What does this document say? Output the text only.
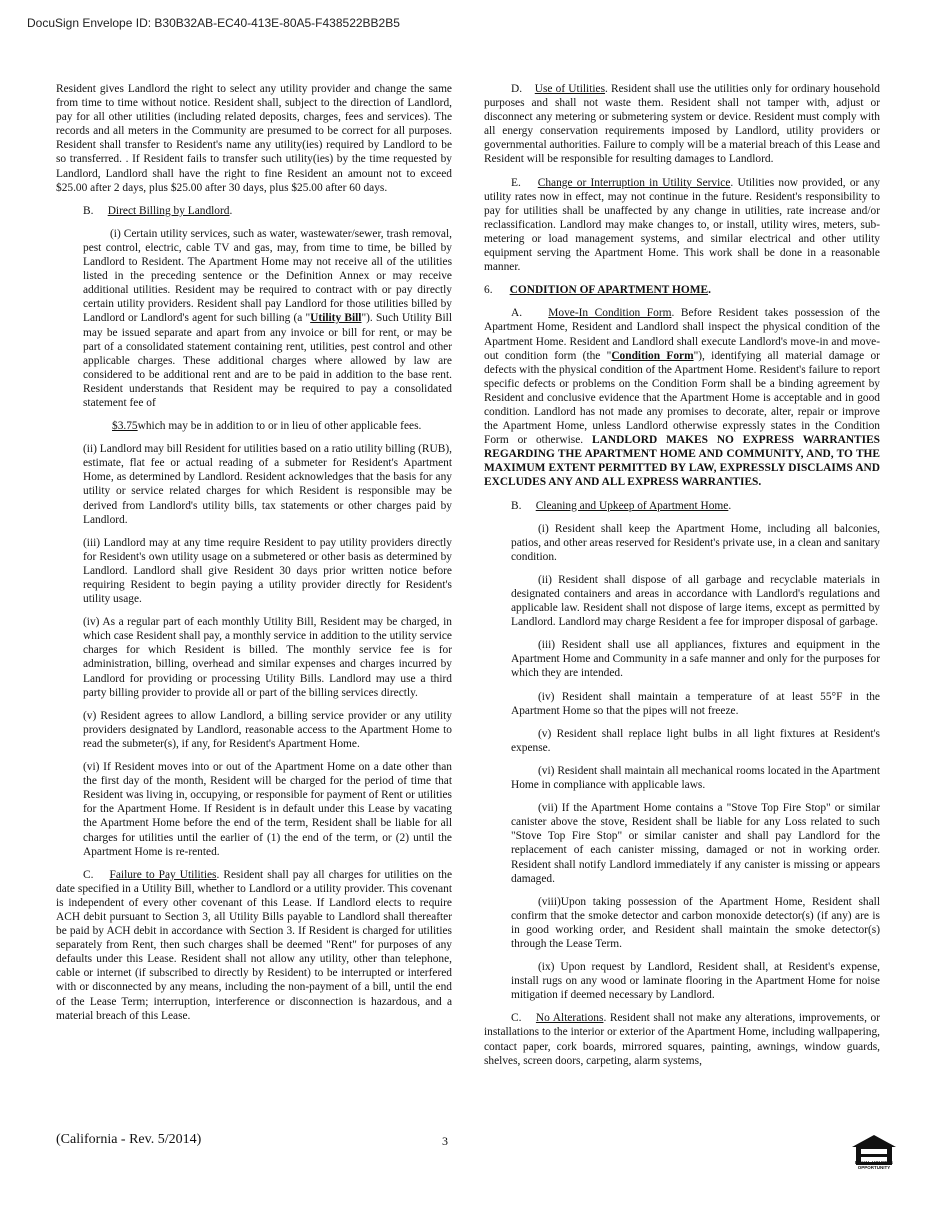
DocuSign Envelope ID: B30B32AB-EC40-413E-80A5-F438522BB2B5

Resident gives Landlord the right to select any utility provider and change the same from time to time without notice. Resident shall, subject to the direction of Landlord, pay for all other utilities (including related deposits, charges, fees and services). The records and all meters in the Community are presumed to be correct for all purposes. Resident shall transfer to Resident's name any utility(ies) required by Landlord to be so transferred. . If Resident fails to transfer such utility(ies) by the time requested by Landlord, Landlord shall have the right to fine Resident an amount not to exceed $25.00 after 2 days, plus $25.00 after 30 days, plus $25.00 after 60 days.

B. Direct Billing by Landlord.

(i) Certain utility services, such as water, wastewater/sewer, trash removal, pest control, electric, cable TV and gas, may, from time to time, be billed by Landlord to Resident. The Apartment Home may not receive all of the utilities listed in the preceding sentence or the Definition Annex or may receive additional utilities. Resident may be required to contract with or pay directly certain utility providers. Resident shall pay Landlord for those utilities billed by Landlord or Landlord's agent for such billing (a "Utility Bill"). Such Utility Bill may be issued separate and apart from any invoice or bill for rent, or may be part of a consolidated statement containing rent, utilities, pest control and other applicable charges. These additional charges where allowed by law are considered to be additional rent and are to be paid in addition to the base rent. Resident understands that Resident may be required to pay a consolidated statement fee of

$3.75which may be in addition to or in lieu of other applicable fees.

(ii) Landlord may bill Resident for utilities based on a ratio utility billing (RUB), estimate, flat fee or actual reading of a submeter for Resident's Apartment Home, as determined by Landlord. Resident acknowledges that the basis for any utility or service related charges for which Resident is responsible may be derived from Landlord's utility bills, tax statements or other charges paid by Landlord.

(iii) Landlord may at any time require Resident to pay utility providers directly for Resident's own utility usage on a submetered or other basis as determined by Landlord. Landlord shall give Resident 30 days prior written notice before requiring Resident to begin paying a utility provider directly for Resident's utility usage.

(iv) As a regular part of each monthly Utility Bill, Resident may be charged, in which case Resident shall pay, a monthly service in addition to the utility service charges for which Resident is billed. The monthly service fee is for administration, billing, overhead and similar expenses and charges incurred by Landlord for providing or processing Utility Bills. Landlord may use a third party billing provider to provide all or part of the billing services directly.

(v) Resident agrees to allow Landlord, a billing service provider or any utility providers designated by Landlord, reasonable access to the Apartment Home to read the submeter(s), if any, for Resident's Apartment Home.

(vi) If Resident moves into or out of the Apartment Home on a date other than the first day of the month, Resident will be charged for the period of time that Resident was living in, occupying, or responsible for payment of Rent or utilities for the Apartment Home. If Resident is in default under this Lease by vacating the Apartment Home before the end of the term, Resident shall be liable for all charges for utilities until the earlier of (1) the end of the term, or (2) until the Apartment Home is re-rented.

C. Failure to Pay Utilities. Resident shall pay all charges for utilities on the date specified in a Utility Bill, whether to Landlord or a utility provider. This covenant is independent of every other covenant of this Lease. If Landlord elects to require ACH debit pursuant to Section 3, all Utility Bills payable to Landlord shall thereafter be paid by ACH debit in accordance with Section 3. If Resident is charged for utilities separately from Rent, then such charges shall be deemed "Rent" for purposes of any defaults under this Lease. Resident shall not allow any utility, other than telephone, cable or internet (if subscribed to directly by Resident) to be interrupted or interfered with or disconnected by any means, including the non-payment of a bill, until the end of the Lease Term; interruption, interference or disconnection is hazardous, and a material breach of this Lease.

D. Use of Utilities. Resident shall use the utilities only for ordinary household purposes and shall not waste them. Resident shall not tamper with, adjust or disconnect any metering or submetering system or device. Resident must comply with all energy conservation requirements imposed by Landlord, utility providers or governmental authorities. Failure to comply will be a material breach of this Lease and Resident will be responsible for resulting damages to Landlord.

E. Change or Interruption in Utility Service. Utilities now provided, or any utility rates now in effect, may not continue in the future. Resident's responsibility to pay for utilities shall be unaffected by any change in utilities, rate increase and/or reclassification. Landlord may make changes to, or install, utility wires, meters, sub-metering or load management systems, and similar electrical and other utility equipment serving the Apartment Home. This work shall be done in a reasonable manner.

6. CONDITION OF APARTMENT HOME.

A. Move-In Condition Form. Before Resident takes possession of the Apartment Home, Resident and Landlord shall inspect the physical condition of the Apartment Home. Resident and Landlord shall execute Landlord's move-in and move-out condition form (the "Condition Form"), identifying all material damage or defects with the physical condition of the Apartment Home. Resident's failure to report specific defects or problems on the Condition Form shall be a binding agreement by Resident and conclusive evidence that the Apartment Home is acceptable and in good condition. Landlord has not made any promises to decorate, alter, repair or improve the Apartment Home, unless Landlord otherwise expressly states in the Condition Form or otherwise. LANDLORD MAKES NO EXPRESS WARRANTIES REGARDING THE APARTMENT HOME AND COMMUNITY, AND, TO THE MAXIMUM EXTENT PERMITTED BY LAW, EXPRESSLY DISCLAIMS AND EXCLUDES ANY AND ALL EXPRESS WARRANTIES.

B. Cleaning and Upkeep of Apartment Home.

(i) Resident shall keep the Apartment Home, including all balconies, patios, and other areas reserved for Resident's private use, in a clean and sanitary condition.

(ii) Resident shall dispose of all garbage and recyclable materials in designated containers and areas in accordance with Landlord's regulations and applicable law. Resident shall not dispose of large items, except as permitted by Landlord. Landlord may charge Resident a fee for improper disposal of garbage.

(iii) Resident shall use all appliances, fixtures and equipment in the Apartment Home and Community in a safe manner and only for the purposes for which they are intended.

(iv) Resident shall maintain a temperature of at least 55°F in the Apartment Home so that the pipes will not freeze.

(v) Resident shall replace light bulbs in all light fixtures at Resident's expense.

(vi) Resident shall maintain all mechanical rooms located in the Apartment Home in compliance with applicable laws.

(vii) If the Apartment Home contains a "Stove Top Fire Stop" or similar canister above the stove, Resident shall be liable for any Loss related to such "Stove Top Fire Stop" or similar canister and shall pay Landlord for the replacement of each canister missing, damaged or not in working order. Resident shall notify Landlord immediately if any canister is missing or appears damaged.

(viii)Upon taking possession of the Apartment Home, Resident shall confirm that the smoke detector and carbon monoxide detector(s) (if any) are is in good working order, and Resident shall maintain the smoke detector(s) through the Lease Term.

(ix) Upon request by Landlord, Resident shall, at Resident's expense, install rugs on any wood or laminate flooring in the Apartment Home for noise mitigation if deemed necessary by Landlord.

C. No Alterations. Resident shall not make any alterations, improvements, or installations to the interior or exterior of the Apartment Home, including wallpapering, contact paper, cork boards, mirrored squares, painting, awnings, window guards, shelves, screen doors, carpeting, alarm systems,

(California - Rev. 5/2014)	3
EQUAL HOUSING OPPORTUNITY
